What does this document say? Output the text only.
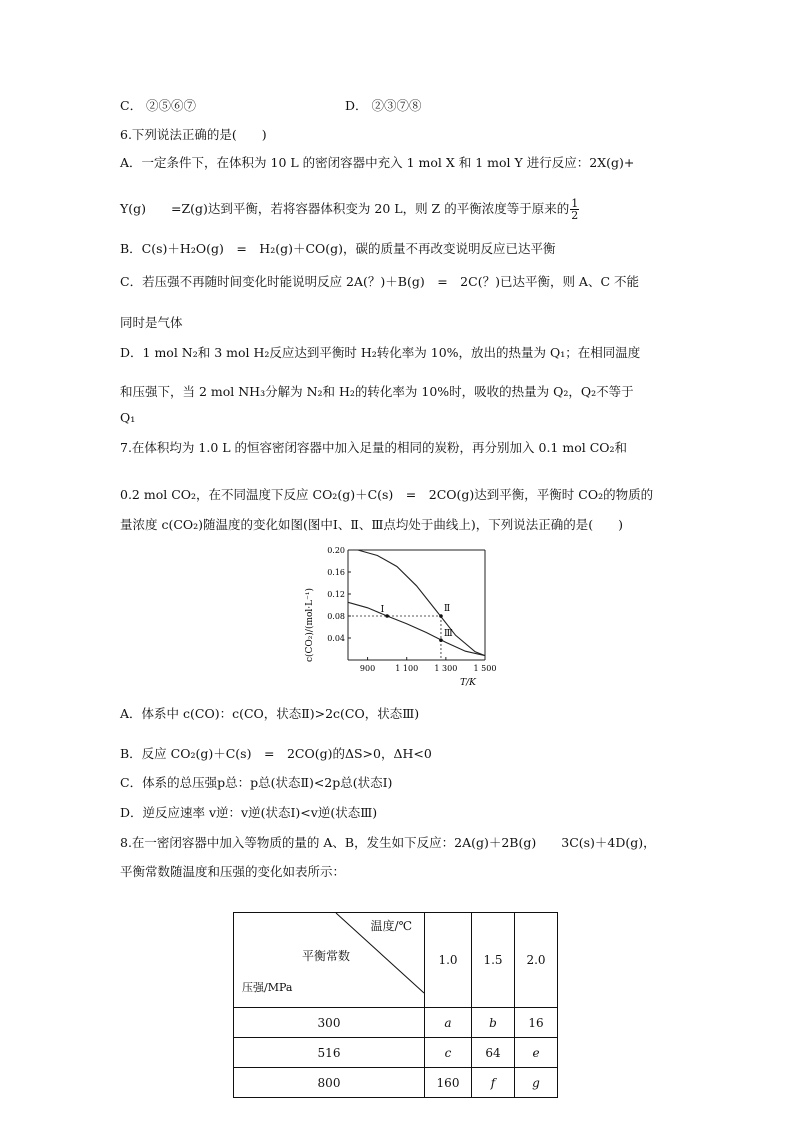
C． ②⑤⑥⑦	D． ②③⑦⑧
6.下列说法正确的是(　　)
A．一定条件下，在体积为 10 L 的密闭容器中充入 1 mol X 和 1 mol Y 进行反应：2X(g)+
Y(g)　　=Z(g)达到平衡，若将容器体积变为 20 L，则 Z 的平衡浓度等于原来的 $\frac{1}{2}$
B．C(s)＋H₂O(g)　=　H₂(g)＋CO(g)，碳的质量不再改变说明反应已达平衡
C．若压强不再随时间变化时能说明反应 2A(？)＋B(g)　=　2C(？)已达平衡，则 A、C 不能
同时是气体
D．1 mol N₂和 3 mol H₂反应达到平衡时 H₂转化率为 10%，放出的热量为 Q₁；在相同温度
和压强下，当 2 mol NH₃分解为 N₂和 H₂的转化率为 10%时，吸收的热量为 Q₂，Q₂不等于
Q₁
7.在体积均为 1.0 L 的恒容密闭容器中加入足量的相同的炭粉，再分别加入 0.1 mol CO₂和
0.2 mol CO₂，在不同温度下反应 CO₂(g)＋C(s)　=　2CO(g)达到平衡，平衡时 CO₂的物质的
量浓度 c(CO₂)随温度的变化如图(图中Ⅰ、Ⅱ、Ⅲ点均处于曲线上)，下列说法正确的是(　　)
c(CO₂)/(mol·L⁻¹)
0.20
0.16
0.12
0.08
0.04
900	1 100 1 300 1 500
Ⅰ	Ⅱ
Ⅲ
T/K
A．体系中 c(CO)：c(CO，状态Ⅱ)>2c(CO，状态Ⅲ)
B．反应 CO₂(g)＋C(s)　=　2CO(g)的ΔS>0，ΔH<0
C．体系的总压强p总：p总(状态Ⅱ)<2p总(状态Ⅰ)
D．逆反应速率 v逆：v逆(状态Ⅰ)<v逆(状态Ⅲ)
8.在一密闭容器中加入等物质的量的 A、B，发生如下反应：2A(g)＋2B(g)　　3C(s)＋4D(g)，
平衡常数随温度和压强的变化如表所示：
温度/℃
平衡常数
压强/MPa	1.0	1.5	2.0
300	a	b	16
516	c	64	e
800	160	f	g
